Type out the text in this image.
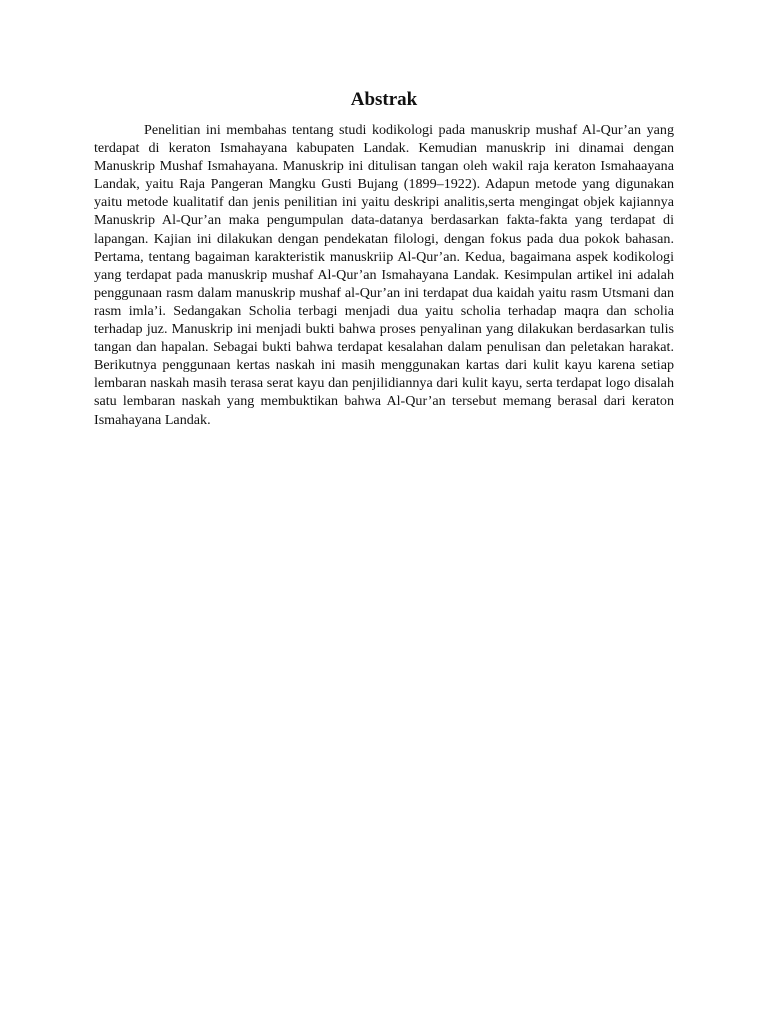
Abstrak

Penelitian ini membahas tentang studi kodikologi pada manuskrip mushaf Al-Qur’an yang terdapat di keraton Ismahayana kabupaten Landak. Kemudian manuskrip ini dinamai dengan Manuskrip Mushaf Ismahayana. Manuskrip ini ditulisan tangan oleh wakil raja keraton Ismahaayana Landak, yaitu Raja Pangeran Mangku Gusti Bujang (1899–1922). Adapun metode yang digunakan yaitu metode kualitatif dan jenis penilitian ini yaitu deskripi analitis,serta mengingat objek kajiannya Manuskrip Al-Qur’an maka pengumpulan data-datanya berdasarkan fakta-fakta yang terdapat di lapangan. Kajian ini dilakukan dengan pendekatan filologi, dengan fokus pada dua pokok bahasan. Pertama, tentang bagaiman karakteristik manuskriip Al-Qur’an. Kedua, bagaimana aspek kodikologi yang terdapat pada manuskrip mushaf Al-Qur’an Ismahayana Landak. Kesimpulan artikel ini adalah penggunaan rasm dalam manuskrip mushaf al-Qur’an ini terdapat dua kaidah yaitu rasm Utsmani dan rasm imla’i. Sedangakan Scholia terbagi menjadi dua yaitu scholia terhadap maqra dan scholia terhadap juz. Manuskrip ini menjadi bukti bahwa proses penyalinan yang dilakukan berdasarkan tulis tangan dan hapalan. Sebagai bukti bahwa terdapat kesalahan dalam penulisan dan peletakan harakat. Berikutnya penggunaan kertas naskah ini masih menggunakan kartas dari kulit kayu karena setiap lembaran naskah masih terasa serat kayu dan penjilidiannya dari kulit kayu, serta terdapat logo disalah satu lembaran naskah yang membuktikan bahwa Al-Qur’an tersebut memang berasal dari keraton Ismahayana Landak.
